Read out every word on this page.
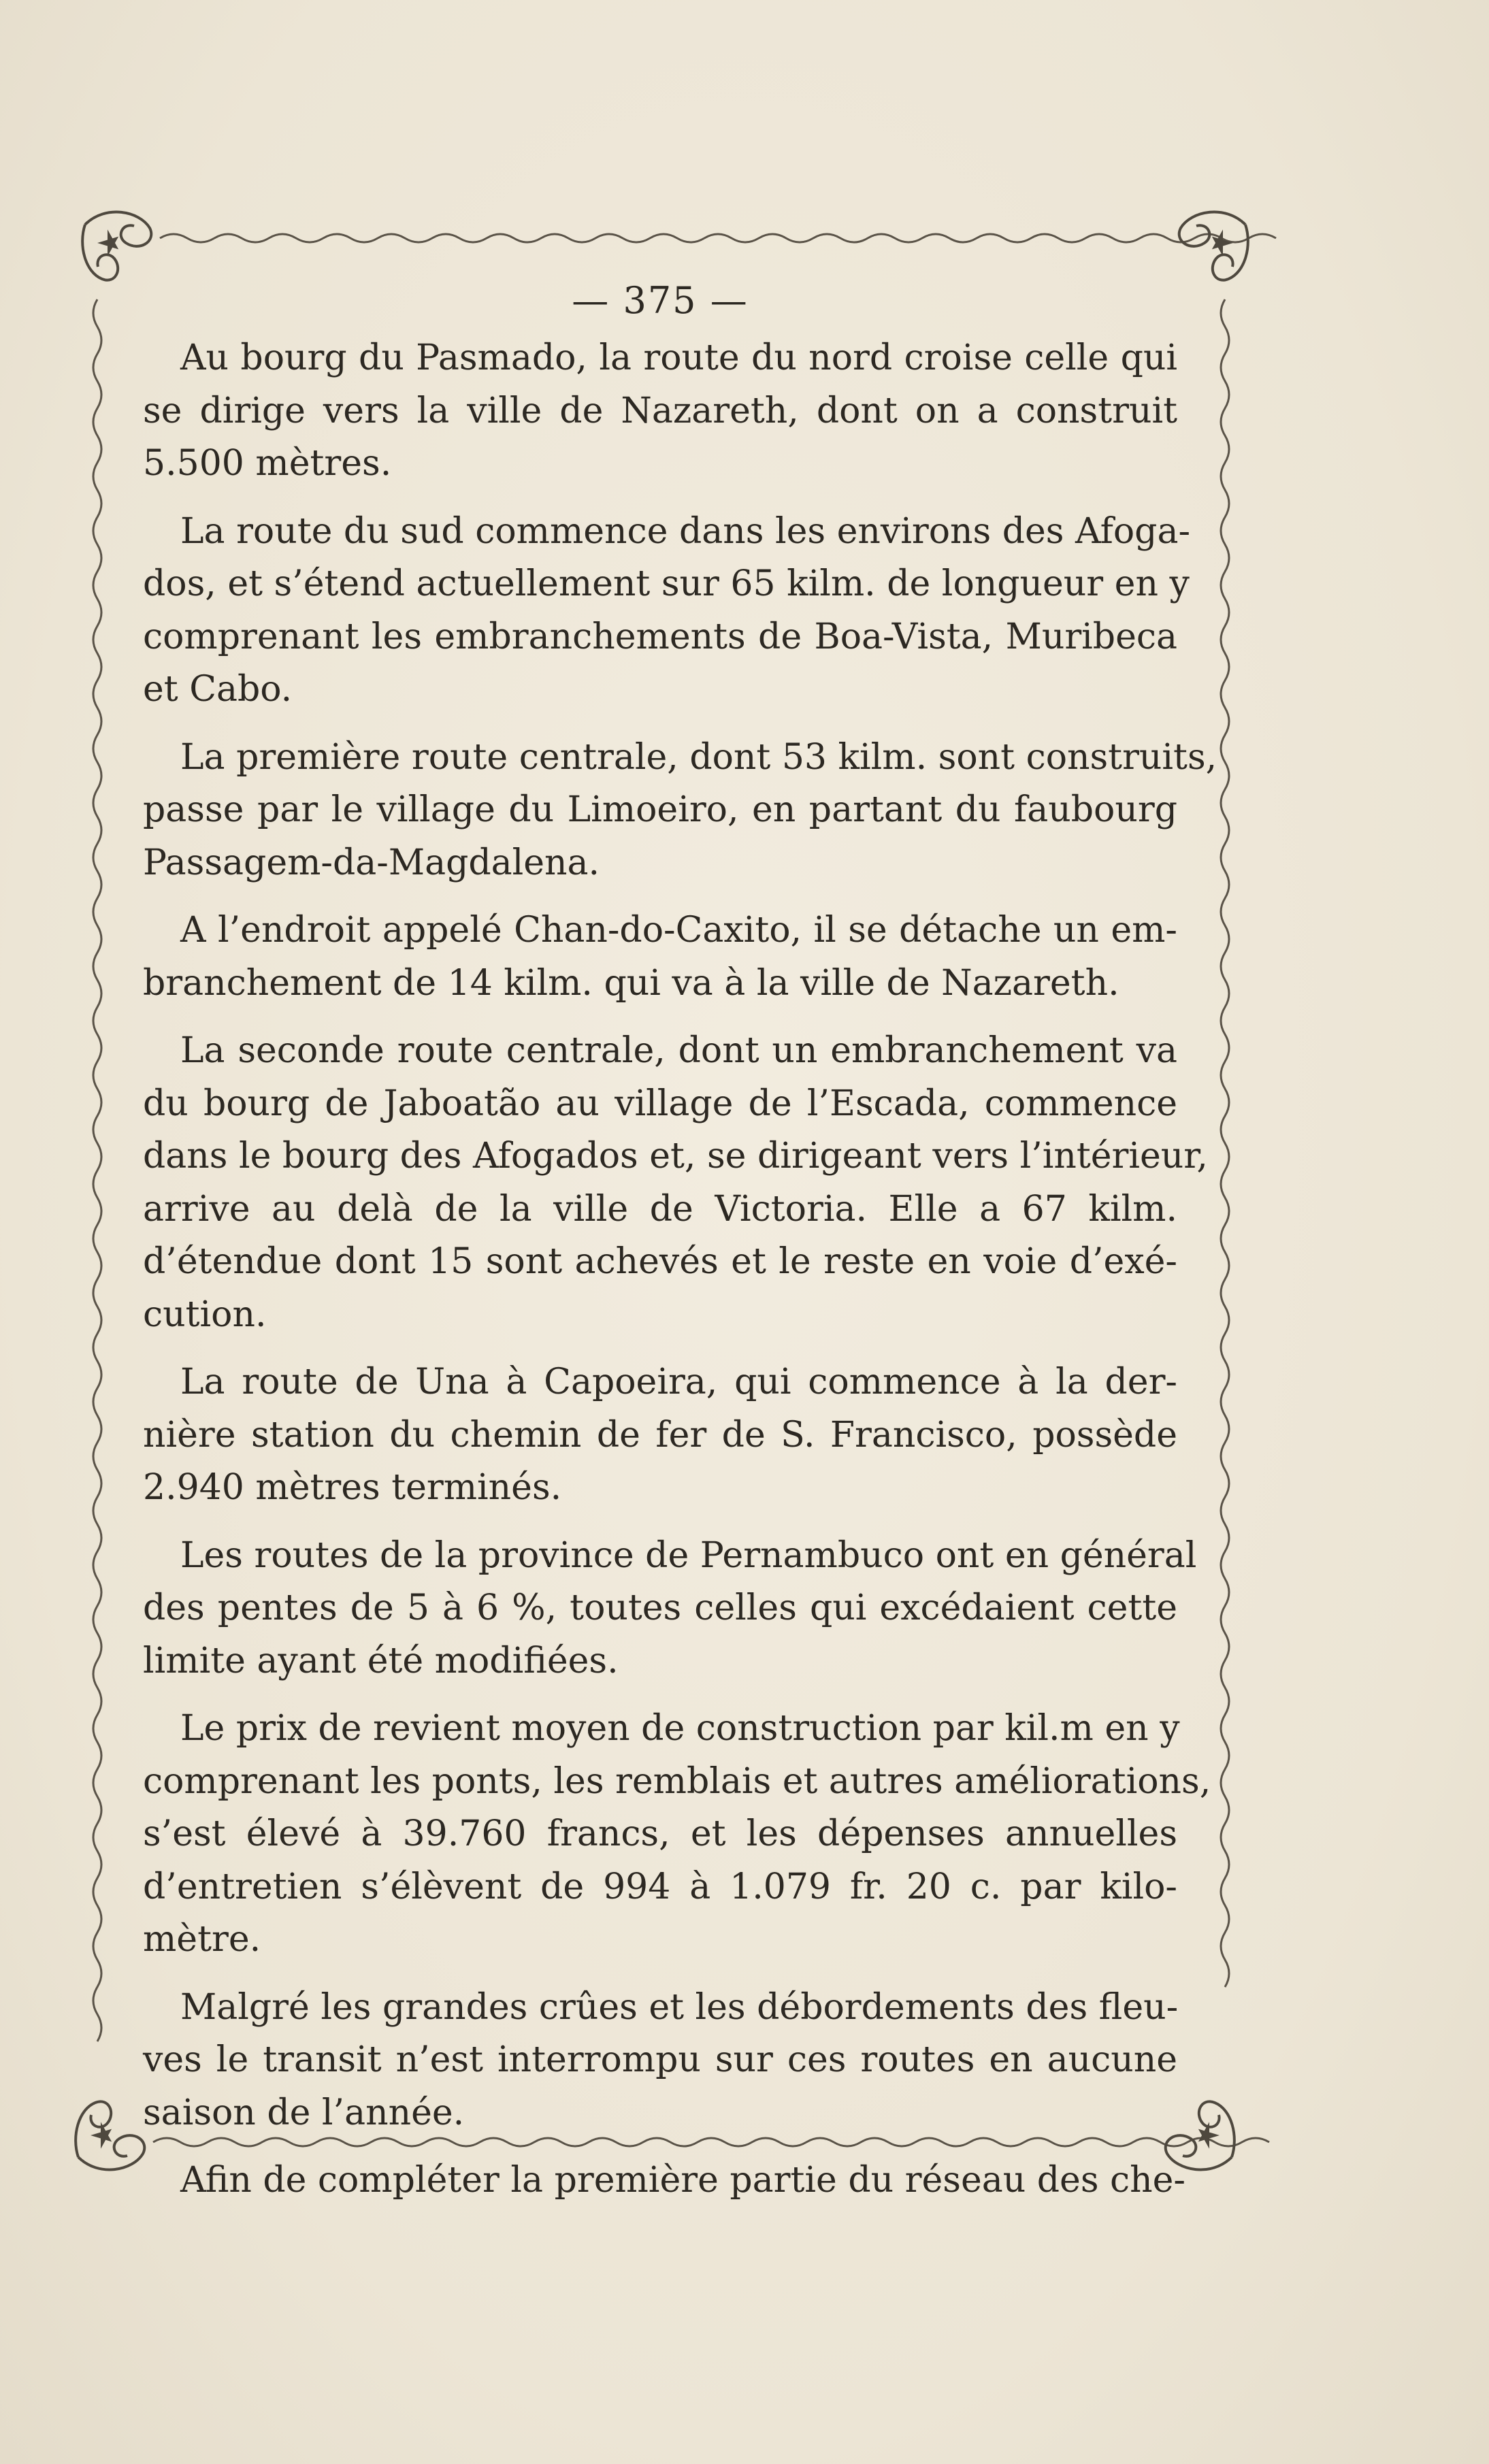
— 375 —
Au bourg du Pasmado, la route du nord croise celle qui
se dirige vers la ville de Nazareth, dont on a construit
5.500 mètres.
La route du sud commence dans les environs des Afoga-
dos, et s’étend actuellement sur 65 kilm. de longueur en y
comprenant les embranchements de Boa-Vista, Muribeca
et Cabo.
La première route centrale, dont 53 kilm. sont construits,
passe par le village du Limoeiro, en partant du faubourg
Passagem-da-Magdalena.
A l’endroit appelé Chan-do-Caxito, il se détache un em-
branchement de 14 kilm. qui va à la ville de Nazareth.
La seconde route centrale, dont un embranchement va
du bourg de Jaboatão au village de l’Escada, commence
dans le bourg des Afogados et, se dirigeant vers l’intérieur,
arrive au delà de la ville de Victoria. Elle a 67 kilm.
d’étendue dont 15 sont achevés et le reste en voie d’exé-
cution.
La route de Una à Capoeira, qui commence à la der-
nière station du chemin de fer de S. Francisco, possède
2.940 mètres terminés.
Les routes de la province de Pernambuco ont en général
des pentes de 5 à 6 %, toutes celles qui excédaient cette
limite ayant été modifiées.
Le prix de revient moyen de construction par kil.m en y
comprenant les ponts, les remblais et autres améliorations,
s’est élevé à 39.760 francs, et les dépenses annuelles
d’entretien s’élèvent de 994 à 1.079 fr. 20 c. par kilo-
mètre.
Malgré les grandes crûes et les débordements des fleu-
ves le transit n’est interrompu sur ces routes en aucune
saison de l’année.
Afin de compléter la première partie du réseau des che-
